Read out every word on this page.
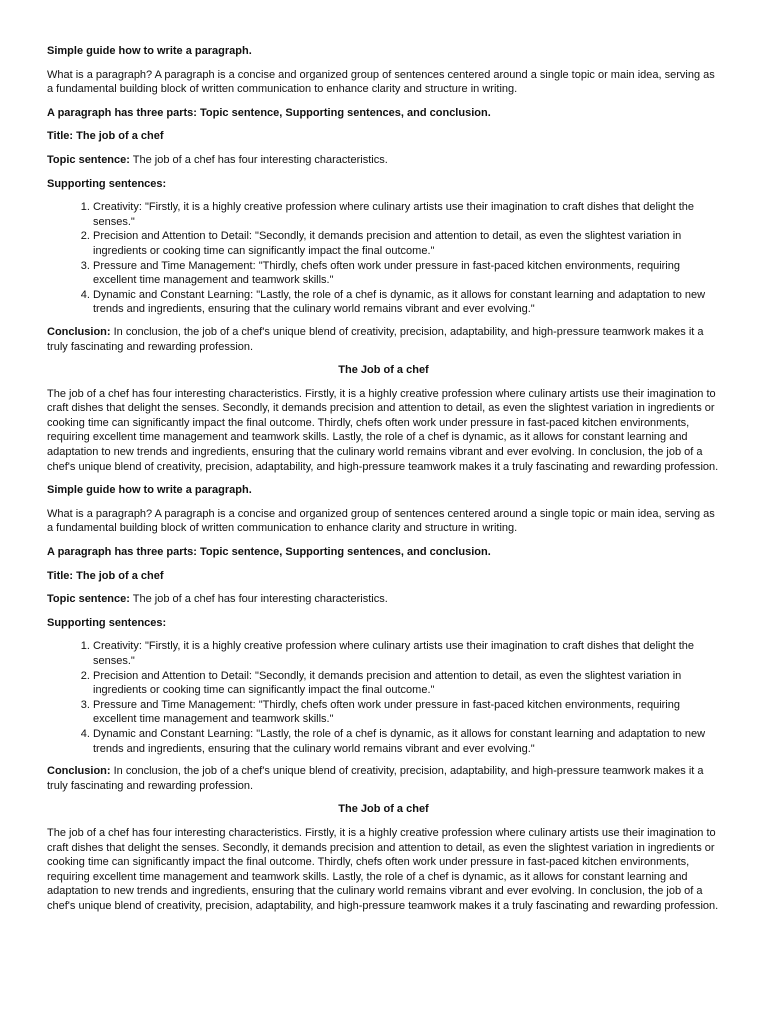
Simple guide how to write a paragraph.

What is a paragraph? A paragraph is a concise and organized group of sentences centered around a single topic or main idea, serving as a fundamental building block of written communication to enhance clarity and structure in writing.

A paragraph has three parts: Topic sentence, Supporting sentences, and conclusion.

Title: The job of a chef

Topic sentence: The job of a chef has four interesting characteristics.

Supporting sentences:

1. Creativity: "Firstly, it is a highly creative profession where culinary artists use their imagination to craft dishes that delight the senses."
2. Precision and Attention to Detail: "Secondly, it demands precision and attention to detail, as even the slightest variation in ingredients or cooking time can significantly impact the final outcome."
3. Pressure and Time Management: "Thirdly, chefs often work under pressure in fast-paced kitchen environments, requiring excellent time management and teamwork skills."
4. Dynamic and Constant Learning: "Lastly, the role of a chef is dynamic, as it allows for constant learning and adaptation to new trends and ingredients, ensuring that the culinary world remains vibrant and ever evolving."

Conclusion: In conclusion, the job of a chef's unique blend of creativity, precision, adaptability, and high-pressure teamwork makes it a truly fascinating and rewarding profession.

The Job of a chef

The job of a chef has four interesting characteristics. Firstly, it is a highly creative profession where culinary artists use their imagination to craft dishes that delight the senses. Secondly, it demands precision and attention to detail, as even the slightest variation in ingredients or cooking time can significantly impact the final outcome. Thirdly, chefs often work under pressure in fast-paced kitchen environments, requiring excellent time management and teamwork skills. Lastly, the role of a chef is dynamic, as it allows for constant learning and adaptation to new trends and ingredients, ensuring that the culinary world remains vibrant and ever evolving. In conclusion, the job of a chef's unique blend of creativity, precision, adaptability, and high-pressure teamwork makes it a truly fascinating and rewarding profession.

Simple guide how to write a paragraph.

What is a paragraph? A paragraph is a concise and organized group of sentences centered around a single topic or main idea, serving as a fundamental building block of written communication to enhance clarity and structure in writing.

A paragraph has three parts: Topic sentence, Supporting sentences, and conclusion.

Title: The job of a chef

Topic sentence: The job of a chef has four interesting characteristics.

Supporting sentences:

1. Creativity: "Firstly, it is a highly creative profession where culinary artists use their imagination to craft dishes that delight the senses."
2. Precision and Attention to Detail: "Secondly, it demands precision and attention to detail, as even the slightest variation in ingredients or cooking time can significantly impact the final outcome."
3. Pressure and Time Management: "Thirdly, chefs often work under pressure in fast-paced kitchen environments, requiring excellent time management and teamwork skills."
4. Dynamic and Constant Learning: "Lastly, the role of a chef is dynamic, as it allows for constant learning and adaptation to new trends and ingredients, ensuring that the culinary world remains vibrant and ever evolving."

Conclusion: In conclusion, the job of a chef's unique blend of creativity, precision, adaptability, and high-pressure teamwork makes it a truly fascinating and rewarding profession.

The Job of a chef

The job of a chef has four interesting characteristics. Firstly, it is a highly creative profession where culinary artists use their imagination to craft dishes that delight the senses. Secondly, it demands precision and attention to detail, as even the slightest variation in ingredients or cooking time can significantly impact the final outcome. Thirdly, chefs often work under pressure in fast-paced kitchen environments, requiring excellent time management and teamwork skills. Lastly, the role of a chef is dynamic, as it allows for constant learning and adaptation to new trends and ingredients, ensuring that the culinary world remains vibrant and ever evolving. In conclusion, the job of a chef's unique blend of creativity, precision, adaptability, and high-pressure teamwork makes it a truly fascinating and rewarding profession.
